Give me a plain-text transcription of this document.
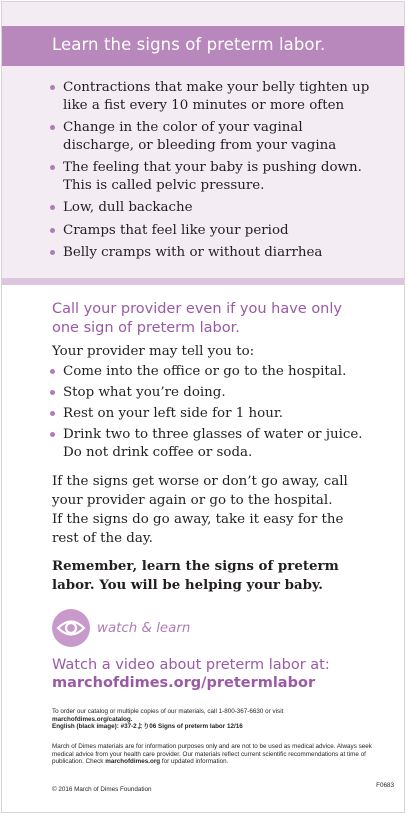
Learn the signs of preterm labor.
Contractions that make your belly tighten up like a fist every 10 minutes or more often
Change in the color of your vaginal discharge, or bleeding from your vagina
The feeling that your baby is pushing down. This is called pelvic pressure.
Low, dull backache
Cramps that feel like your period
Belly cramps with or without diarrhea
Call your provider even if you have only one sign of preterm labor.
Your provider may tell you to:
Come into the office or go to the hospital.
Stop what you’re doing.
Rest on your left side for 1 hour.
Drink two to three glasses of water or juice. Do not drink coffee or soda.
If the signs get worse or don’t go away, call your provider again or go to the hospital.
If the signs do go away, take it easy for the rest of the day.
Remember, learn the signs of preterm labor. You will be helping your baby.
watch & learn
Watch a video about preterm labor at:
marchofdimes.org/pretermlabor
To order our catalog or multiple copies of our materials, call 1-800-367-6630 or visit
marchofdimes.org/catalog.
English (black image): #37-2より06 Signs of preterm labor 12/16
March of Dimes materials are for information purposes only and are not to be used as medical advice. Always seek medical advice from your health care provider. Our materials reflect current scientific recommendations at time of publication. Check marchofdimes.org for updated information.
© 2016 March of Dimes Foundation
F0683
